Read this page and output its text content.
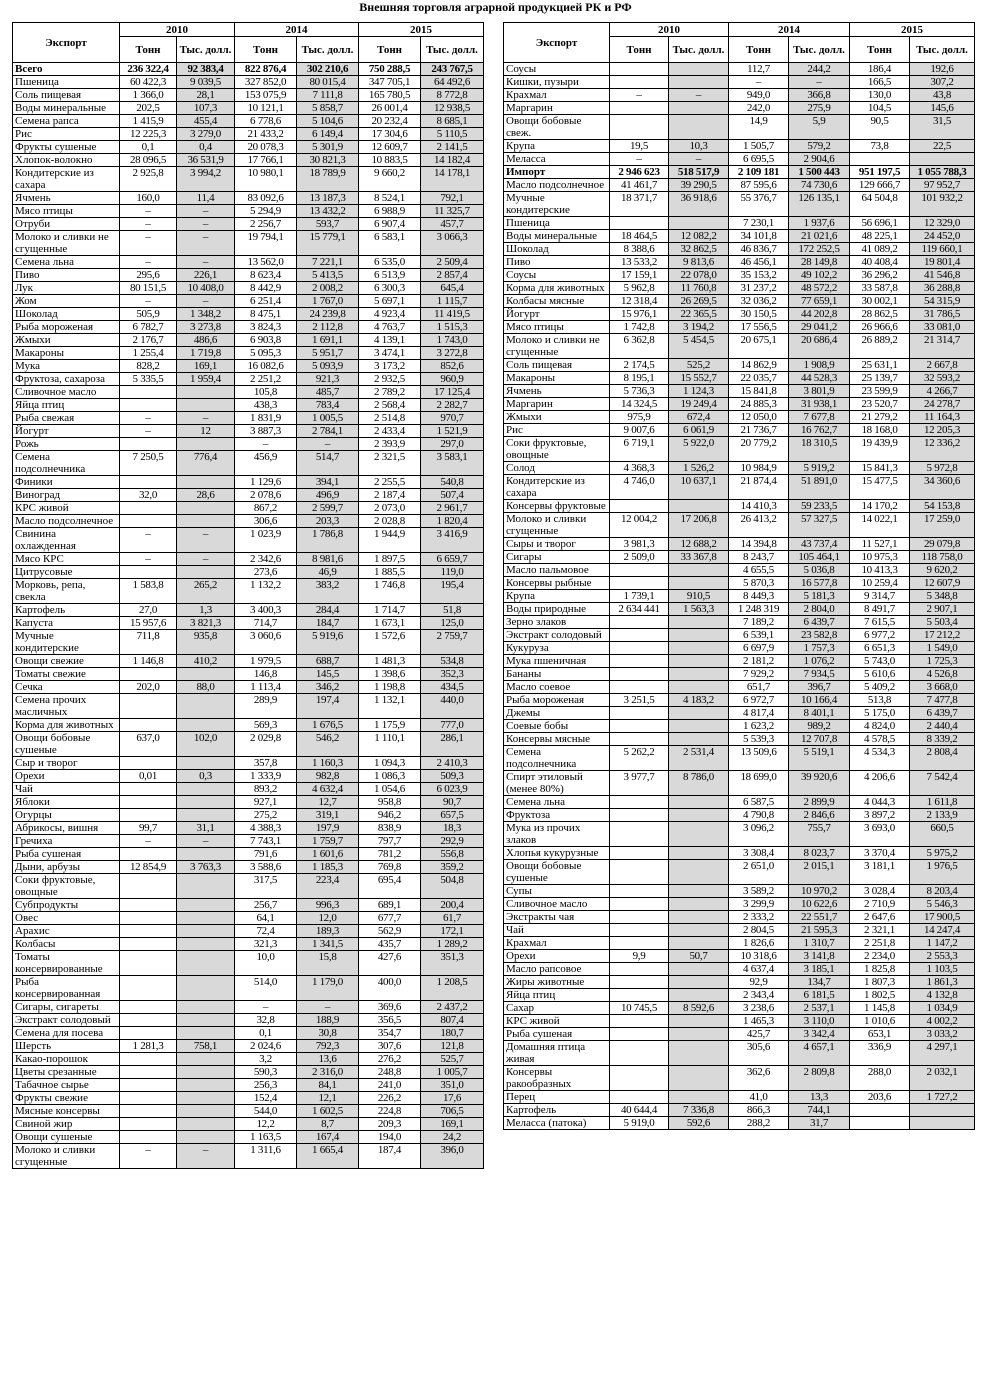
Внешняя торговля аграрной продукцией РК и РФ
Экспорт	2010		2014		2015	
	Тонн	Тыс. долл.	Тонн	Тыс. долл.	Тонн	Тыс. долл.
Всего	236 322,4	92 383,4	822 876,4	302 210,6	750 288,5	243 767,5
Пшеница	60 422,3	9 039,5	327 852,0	80 015,4	347 705,1	64 492,6
Соль пищевая	1 366,0	28,1	153 075,9	7 111,8	165 780,5	8 772,8
Воды минеральные	202,5	107,3	10 121,1	5 858,7	26 001,4	12 938,5
Семена рапса	1 415,9	455,4	6 778,6	5 104,6	20 232,4	8 685,1
Рис	12 225,3	3 279,0	21 433,2	6 149,4	17 304,6	5 110,5
Фрукты сушеные	0,1	0,4	20 078,3	5 301,9	12 609,7	2 141,5
Хлопок-волокно	28 096,5	36 531,9	17 766,1	30 821,3	10 883,5	14 182,4
Кондитерские из сахара	2 925,8	3 994,2	10 980,1	18 789,9	9 660,2	14 178,1
Ячмень	160,0	11,4	83 092,6	13 187,3	8 524,1	792,1
Мясо птицы	–	–	5 294,9	13 432,2	6 988,9	11 325,7
Отруби	–	–	2 256,7	593,7	6 907,4	457,7
Молоко и сливки не сгущенные	–	–	19 794,1	15 779,1	6 583,1	3 066,3
Семена льна	–	–	13 562,0	7 221,1	6 535,0	2 509,4
Пиво	295,6	226,1	8 623,4	5 413,5	6 513,9	2 857,4
Лук	80 151,5	10 408,0	8 442,9	2 008,2	6 300,3	645,4
Жом	–	–	6 251,4	1 767,0	5 697,1	1 115,7
Шоколад	505,9	1 348,2	8 475,1	24 239,8	4 923,4	11 419,5
Рыба мороженая	6 782,7	3 273,8	3 824,3	2 112,8	4 763,7	1 515,3
Жмыхи	2 176,7	486,6	6 903,8	1 691,1	4 139,1	1 743,0
Макароны	1 255,4	1 719,8	5 095,3	5 951,7	3 474,1	3 272,8
Мука	828,2	169,1	16 082,6	5 093,9	3 173,2	852,6
Фруктоза, сахароза	5 335,5	1 959,4	2 251,2	921,3	2 932,5	960,9
Сливочное масло			105,8	485,7	2 789,2	17 125,4
Яйца птиц			438,3	783,4	2 568,4	2 282,7
Рыба свежая	–	–	1 831,9	1 005,5	2 514,8	970,7
Йогурт	–	12	3 887,3	2 784,1	2 433,4	1 521,9
Рожь			–	–	2 393,9	297,0
Семена подсолнечника	7 250,5	776,4	456,9	514,7	2 321,5	3 583,1
Финики			1 129,6	394,1	2 255,5	540,8
Виноград	32,0	28,6	2 078,6	496,9	2 187,4	507,4
КРС живой			867,2	2 599,7	2 073,0	2 961,7
Масло подсолнечное			306,6	203,3	2 028,8	1 820,4
Свинина охлажденная	–	–	1 023,9	1 786,8	1 944,9	3 416,9
Мясо КРС	–	–	2 342,6	8 981,6	1 897,5	6 659,7
Цитрусовые			273,6	46,9	1 885,5	119,0
Морковь, репа, свекла	1 583,8	265,2	1 132,2	383,2	1 746,8	195,4
Картофель	27,0	1,3	3 400,3	284,4	1 714,7	51,8
Капуста	15 957,6	3 821,3	714,7	184,7	1 673,1	125,0
Мучные кондитерские	711,8	935,8	3 060,6	5 919,6	1 572,6	2 759,7
Овощи свежие	1 146,8	410,2	1 979,5	688,7	1 481,3	534,8
Томаты свежие			146,8	145,5	1 398,6	352,3
Сечка	202,0	88,0	1 113,4	346,2	1 198,8	434,5
Семена прочих масличных			289,9	197,4	1 132,1	440,0
Корма для животных			569,3	1 676,5	1 175,9	777,0
Овощи бобовые сушеные	637,0	102,0	2 029,8	546,2	1 110,1	286,1
Сыр и творог			357,8	1 160,3	1 094,3	2 410,3
Орехи	0,01	0,3	1 333,9	982,8	1 086,3	509,3
Чай			893,2	4 632,4	1 054,6	6 023,9
Яблоки			927,1	12,7	958,8	90,7
Огурцы			275,2	319,1	946,2	657,5
Абрикосы, вишня	99,7	31,1	4 388,3	197,9	838,9	18,3
Гречиха	–	–	7 743,1	1 759,7	797,7	292,9
Рыба сушеная			791,6	1 601,6	781,2	556,8
Дыни, арбузы	12 854,9	3 763,3	3 588,6	1 185,3	769,8	359,2
Соки фруктовые, овощные			317,5	223,4	695,4	504,8
Субпродукты			256,7	996,3	689,1	200,4
Овес			64,1	12,0	677,7	61,7
Арахис			72,4	189,3	562,9	172,1
Колбасы			321,3	1 341,5	435,7	1 289,2
Томаты консервированные			10,0	15,8	427,6	351,3
Рыба консервированная			514,0	1 179,0	400,0	1 208,5
Сигары, сигареты			–	–	369,6	2 437,2
Экстракт солодовый			32,8	188,9	356,5	807,4
Семена для посева			0,1	30,8	354,7	180,7
Шерсть	1 281,3	758,1	2 024,6	792,3	307,6	121,8
Какао-порошок			3,2	13,6	276,2	525,7
Цветы срезанные			590,3	2 316,0	248,8	1 005,7
Табачное сырье			256,3	84,1	241,0	351,0
Фрукты свежие			152,4	12,1	226,2	17,6
Мясные консервы			544,0	1 602,5	224,8	706,5
Свиной жир			12,2	8,7	209,3	169,1
Овощи сушеные			1 163,5	167,4	194,0	24,2
Молоко и сливки сгущенные	–	–	1 311,6	1 665,4	187,4	396,0
Экспорт	2010		2014		2015	
	Тонн	Тыс. долл.	Тонн	Тыс. долл.	Тонн	Тыс. долл.
Соусы			112,7	244,2	186,4	192,6
Кишки, пузыри			–	–	166,5	307,2
Крахмал	–	–	949,0	366,8	130,0	43,8
Маргарин			242,0	275,9	104,5	145,6
Овощи бобовые свеж.			14,9	5,9	90,5	31,5
Крупа	19,5	10,3	1 505,7	579,2	73,8	22,5
Меласса	–	–	6 695,5	2 904,6		
Импорт	2 946 623	518 517,9	2 109 181	1 500 443	951 197,5	1 055 788,3
Масло подсолнечное	41 461,7	39 290,5	87 595,6	74 730,6	129 666,7	97 952,7
Мучные кондитерские	18 371,7	36 918,6	55 376,7	126 135,1	64 504,8	101 932,2
Пшеница			7 230,1	1 937,6	56 696,1	12 329,0
Воды минеральные	18 464,5	12 082,2	34 101,8	21 021,6	48 225,1	24 452,0
Шоколад	8 388,6	32 862,5	46 836,7	172 252,5	41 089,2	119 660,1
Пиво	13 533,2	9 813,6	46 456,1	28 149,8	40 408,4	19 801,4
Соусы	17 159,1	22 078,0	35 153,2	49 102,2	36 296,2	41 546,8
Корма для животных	5 962,8	11 760,8	31 237,2	48 572,2	33 587,8	36 288,8
Колбасы мясные	12 318,4	26 269,5	32 036,2	77 659,1	30 002,1	54 315,9
Йогурт	15 976,1	22 365,5	30 150,5	44 202,8	28 862,5	31 786,5
Мясо птицы	1 742,8	3 194,2	17 556,5	29 041,2	26 966,6	33 081,0
Молоко и сливки не сгущенные	6 362,8	5 454,5	20 675,1	20 686,4	26 889,2	21 314,7
Соль пищевая	2 174,5	525,2	14 862,9	1 908,9	25 631,1	2 667,8
Макароны	8 195,1	15 552,7	22 035,7	44 528,3	25 139,7	32 593,2
Ячмень	5 736,3	1 124,3	15 841,8	3 801,9	23 599,9	4 266,7
Маргарин	14 324,5	19 249,4	24 885,3	31 938,1	23 520,7	24 278,7
Жмыхи	975,9	672,4	12 050,0	7 677,8	21 279,2	11 164,3
Рис	9 007,6	6 061,9	21 736,7	16 762,7	18 168,0	12 205,3
Соки фруктовые, овощные	6 719,1	5 922,0	20 779,2	18 310,5	19 439,9	12 336,2
Солод	4 368,3	1 526,2	10 984,9	5 919,2	15 841,3	5 972,8
Кондитерские из сахара	4 746,0	10 637,1	21 874,4	51 891,0	15 477,5	34 360,6
Консервы фруктовые			14 410,3	59 233,5	14 170,2	54 153,8
Молоко и сливки сгущенные	12 004,2	17 206,8	26 413,2	57 327,5	14 022,1	17 259,0
Сыры и творог	3 981,3	12 688,2	14 394,8	43 737,4	11 527,1	29 079,8
Сигары	2 509,0	33 367,8	8 243,7	105 464,1	10 975,3	118 758,0
Масло пальмовое			4 655,5	5 036,8	10 413,3	9 620,2
Консервы рыбные			5 870,3	16 577,8	10 259,4	12 607,9
Крупа	1 739,1	910,5	8 449,3	5 181,3	9 314,7	5 348,8
Воды природные	2 634 441	1 563,3	1 248 319	2 804,0	8 491,7	2 907,1
Зерно злаков			7 189,2	6 439,7	7 615,5	5 503,4
Экстракт солодовый			6 539,1	23 582,8	6 977,2	17 212,2
Кукуруза			6 697,9	1 757,3	6 651,3	1 549,0
Мука пшеничная			2 181,2	1 076,2	5 743,0	1 725,3
Бананы			7 929,2	7 934,5	5 610,6	4 526,8
Масло соевое			651,7	396,7	5 409,2	3 668,0
Рыба мороженая	3 251,5	4 183,2	6 972,7	10 166,4	513,8	7 477,8
Джемы			4 817,4	8 401,1	5 175,0	6 439,7
Соевые бобы			1 623,2	989,2	4 824,0	2 440,4
Консервы мясные			5 539,3	12 707,8	4 578,5	8 339,2
Семена подсолнечника	5 262,2	2 531,4	13 509,6	5 519,1	4 534,3	2 808,4
Спирт этиловый (менее 80%)	3 977,7	8 786,0	18 699,0	39 920,6	4 206,6	7 542,4
Семена льна			6 587,5	2 899,9	4 044,3	1 611,8
Фруктоза			4 790,8	2 846,6	3 897,2	2 133,9
Мука из прочих злаков			3 096,2	755,7	3 693,0	660,5
Хлопья кукурузные			3 308,4	8 023,7	3 370,4	5 975,2
Овощи бобовые сушеные			2 651,0	2 015,1	3 181,1	1 976,5
Супы			3 589,2	10 970,2	3 028,4	8 203,4
Сливочное масло			3 299,9	10 622,6	2 710,9	5 546,3
Экстракты чая			2 333,2	22 551,7	2 647,6	17 900,5
Чай			2 804,5	21 595,3	2 321,1	14 247,4
Крахмал			1 826,6	1 310,7	2 251,8	1 147,2
Орехи	9,9	50,7	10 318,6	3 141,8	2 234,0	2 553,3
Масло рапсовое			4 637,4	3 185,1	1 825,8	1 103,5
Жиры животные			92,9	134,7	1 807,3	1 861,3
Яйца птиц			2 343,4	6 181,5	1 802,5	4 132,8
Сахар	10 745,5	8 592,6	3 238,6	2 537,1	1 145,8	1 034,9
КРС живой			1 465,3	3 110,0	1 010,6	4 002,2
Рыба сушеная			425,7	3 342,4	653,1	3 033,2
Домашняя птица живая			305,6	4 657,1	336,9	4 297,1
Консервы ракообразных			362,6	2 809,8	288,0	2 032,1
Перец			41,0	13,3	203,6	1 727,2
Картофель	40 644,4	7 336,8	866,3	744,1		
Меласса (патока)	5 919,0	592,6	288,2	31,7		
